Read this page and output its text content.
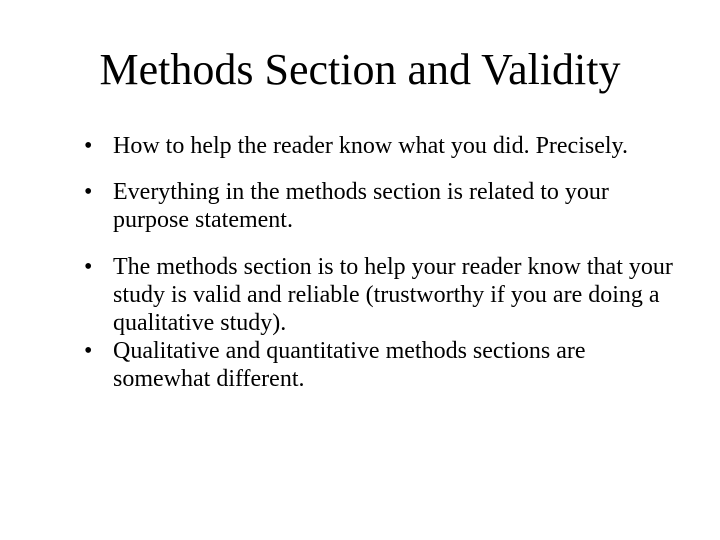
Methods Section and Validity
• How to help the reader know what you did. Precisely.
• Everything in the methods section is related to your purpose statement.
• The methods section is to help your reader know that your study is valid and reliable (trustworthy if you are doing a qualitative study).
• Qualitative and quantitative methods sections are somewhat different.
